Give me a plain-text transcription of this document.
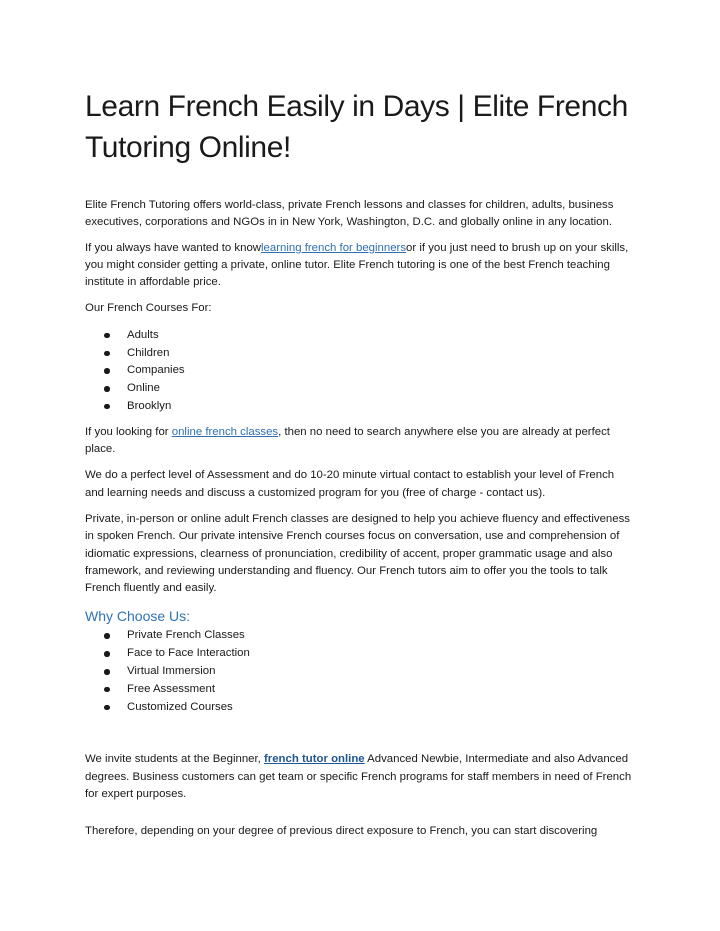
Learn French Easily in Days | Elite French Tutoring Online!

Elite French Tutoring offers world-class, private French lessons and classes for children, adults, business executives, corporations and NGOs in in New York, Washington, D.C. and globally online in any location.

If you always have wanted to knowlearning french for beginnersor if you just need to brush up on your skills, you might consider getting a private, online tutor. Elite French tutoring is one of the best French teaching institute in affordable price.

Our French Courses For:

Adults
Children
Companies
Online
Brooklyn

If you looking for online french classes, then no need to search anywhere else you are already at perfect place.

We do a perfect level of Assessment and do 10-20 minute virtual contact to establish your level of French and learning needs and discuss a customized program for you (free of charge - contact us).

Private, in-person or online adult French classes are designed to help you achieve fluency and effectiveness in spoken French. Our private intensive French courses focus on conversation, use and comprehension of idiomatic expressions, clearness of pronunciation, credibility of accent, proper grammatic usage and also framework, and reviewing understanding and fluency. Our French tutors aim to offer you the tools to talk French fluently and easily.

Why Choose Us:
Private French Classes
Face to Face Interaction
Virtual Immersion
Free Assessment
Customized Courses

We invite students at the Beginner, french tutor online Advanced Newbie, Intermediate and also Advanced degrees. Business customers can get team or specific French programs for staff members in need of French for expert purposes.

Therefore, depending on your degree of previous direct exposure to French, you can start discovering
